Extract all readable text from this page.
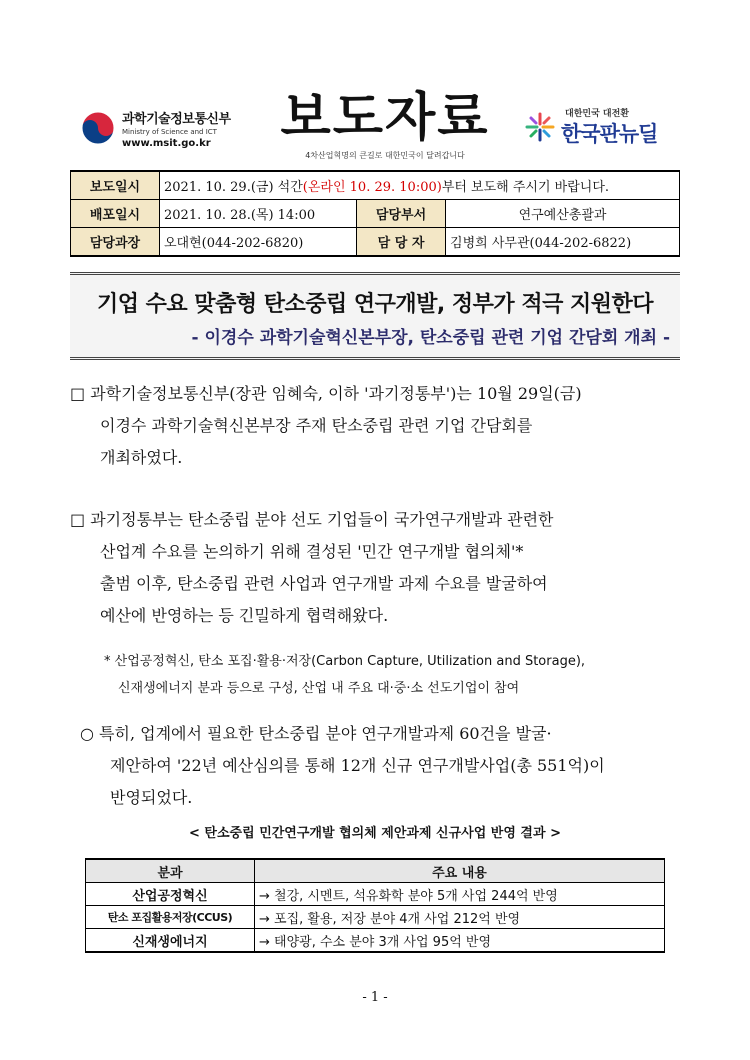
과학기술정보통신부
Ministry of Science and ICT
www.msit.go.kr 보도자료
4차산업혁명의 큰길로 대한민국이 달려갑니다
대한민국 대전환
한국판뉴딜
보도일시	2021. 10. 29.(금) 석간(온라인 10. 29. 10:00)부터 보도해 주시기 바랍니다.		
배포일시	2021. 10. 28.(목) 14:00	담당부서	연구예산총괄과
담당과장	오대현(044-202-6820)	담 당 자	김병희 사무관(044-202-6822)
기업 수요 맞춤형 탄소중립 연구개발, 정부가 적극 지원한다
- 이경수 과학기술혁신본부장, 탄소중립 관련 기업 간담회 개최 -
□ 과학기술정보통신부(장관 임혜숙, 이하 '과기정통부')는 10월 29일(금)
이경수 과학기술혁신본부장 주재 탄소중립 관련 기업 간담회를
개최하였다.
□ 과기정통부는 탄소중립 분야 선도 기업들이 국가연구개발과 관련한
산업계 수요를 논의하기 위해 결성된 '민간 연구개발 협의체'*
출범 이후, 탄소중립 관련 사업과 연구개발 과제 수요를 발굴하여
예산에 반영하는 등 긴밀하게 협력해왔다.
* 산업공정혁신, 탄소 포집·활용·저장(Carbon Capture, Utilization and Storage),
신재생에너지 분과 등으로 구성, 산업 내 주요 대·중·소 선도기업이 참여
○ 특히, 업계에서 필요한 탄소중립 분야 연구개발과제 60건을 발굴·
제안하여 '22년 예산심의를 통해 12개 신규 연구개발사업(총 551억)이
반영되었다.
< 탄소중립 민간연구개발 협의체 제안과제 신규사업 반영 결과 >
분과	주요 내용
산업공정혁신	→ 철강, 시멘트, 석유화학 분야 5개 사업 244억 반영
탄소 포집활용저장(CCUS)	→ 포집, 활용, 저장 분야 4개 사업 212억 반영
신재생에너지	→ 태양광, 수소 분야 3개 사업 95억 반영
- 1 -
